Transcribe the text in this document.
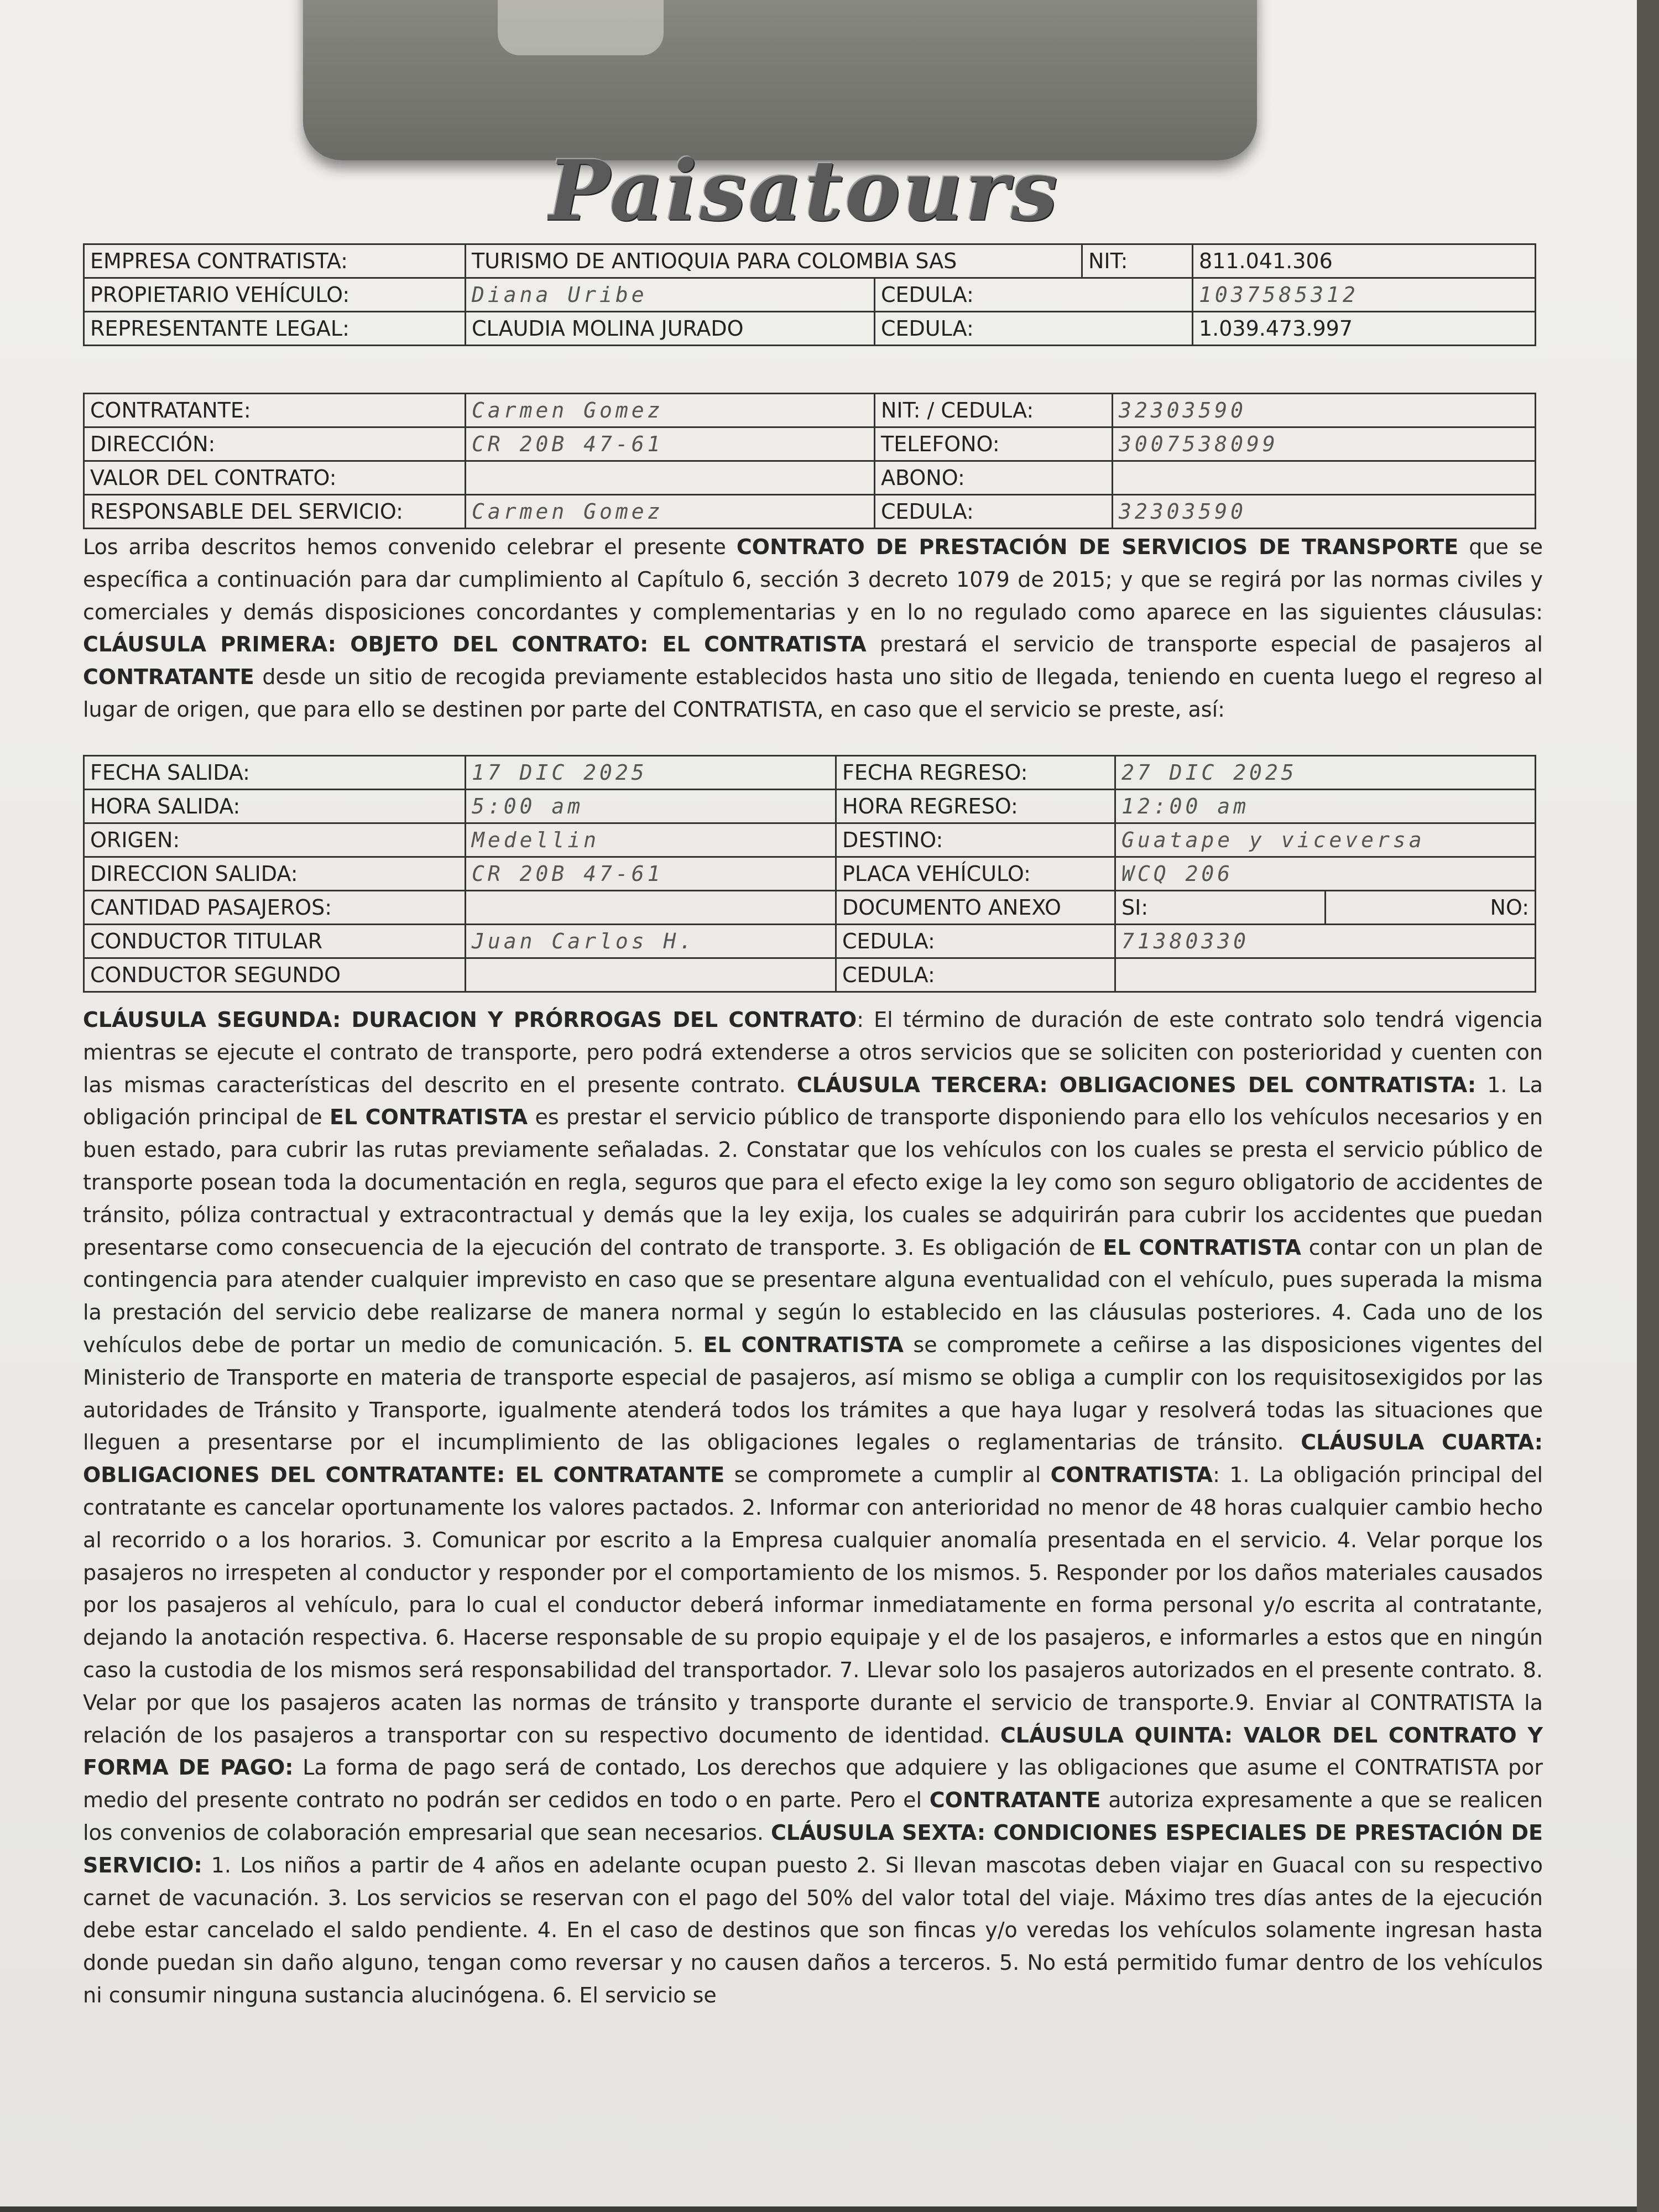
Paisatours
EMPRESA CONTRATISTA:	TURISMO DE ANTIOQUIA PARA COLOMBIA SAS		NIT:	811.041.306
PROPIETARIO VEHÍCULO:	Diana Uribe	CEDULA:		1037585312
REPRESENTANTE LEGAL:	CLAUDIA MOLINA JURADO	CEDULA:		1.039.473.997
CONTRATANTE:	Carmen Gomez	NIT: / CEDULA:	32303590
DIRECCIÓN:	CR 20B 47-61	TELEFONO:	3007538099
VALOR DEL CONTRATO:		ABONO:	
RESPONSABLE DEL SERVICIO:	Carmen Gomez	CEDULA:	32303590
Los arriba descritos hemos convenido celebrar el presente CONTRATO DE PRESTACIÓN DE SERVICIOS DE TRANSPORTE que se específica a continuación para dar cumplimiento al Capítulo 6, sección 3 decreto 1079 de 2015; y que se regirá por las normas civiles y comerciales y demás disposiciones concordantes y complementarias y en lo no regulado como aparece en las siguientes cláusulas: CLÁUSULA PRIMERA: OBJETO DEL CONTRATO: EL CONTRATISTA prestará el servicio de transporte especial de pasajeros al CONTRATANTE desde un sitio de recogida previamente establecidos hasta uno sitio de llegada, teniendo en cuenta luego el regreso al lugar de origen, que para ello se destinen por parte del CONTRATISTA, en caso que el servicio se preste, así:
FECHA SALIDA:	17 DIC 2025	FECHA REGRESO:	27 DIC 2025	
HORA SALIDA:	5:00 am	HORA REGRESO:	12:00 am	
ORIGEN:	Medellin	DESTINO:	Guatape y viceversa	
DIRECCION SALIDA:	CR 20B 47-61	PLACA VEHÍCULO:	WCQ 206	
CANTIDAD PASAJEROS:		DOCUMENTO ANEXO	SI:	NO:
CONDUCTOR TITULAR	Juan Carlos H.	CEDULA:	71380330	
CONDUCTOR SEGUNDO		CEDULA:		
CLÁUSULA SEGUNDA: DURACION Y PRÓRROGAS DEL CONTRATO: El término de duración de este contrato solo tendrá vigencia mientras se ejecute el contrato de transporte, pero podrá extenderse a otros servicios que se soliciten con posterioridad y cuenten con las mismas características del descrito en el presente contrato. CLÁUSULA TERCERA: OBLIGACIONES DEL CONTRATISTA: 1. La obligación principal de EL CONTRATISTA es prestar el servicio público de transporte disponiendo para ello los vehículos necesarios y en buen estado, para cubrir las rutas previamente señaladas. 2. Constatar que los vehículos con los cuales se presta el servicio público de transporte posean toda la documentación en regla, seguros que para el efecto exige la ley como son seguro obligatorio de accidentes de tránsito, póliza contractual y extracontractual y demás que la ley exija, los cuales se adquirirán para cubrir los accidentes que puedan presentarse como consecuencia de la ejecución del contrato de transporte. 3. Es obligación de EL CONTRATISTA contar con un plan de contingencia para atender cualquier imprevisto en caso que se presentare alguna eventualidad con el vehículo, pues superada la misma la prestación del servicio debe realizarse de manera normal y según lo establecido en las cláusulas posteriores. 4. Cada uno de los vehículos debe de portar un medio de comunicación. 5. EL CONTRATISTA se compromete a ceñirse a las disposiciones vigentes del Ministerio de Transporte en materia de transporte especial de pasajeros, así mismo se obliga a cumplir con los requisitosexigidos por las autoridades de Tránsito y Transporte, igualmente atenderá todos los trámites a que haya lugar y resolverá todas las situaciones que lleguen a presentarse por el incumplimiento de las obligaciones legales o reglamentarias de tránsito. CLÁUSULA CUARTA: OBLIGACIONES DEL CONTRATANTE: EL CONTRATANTE se compromete a cumplir al CONTRATISTA: 1. La obligación principal del contratante es cancelar oportunamente los valores pactados. 2. Informar con anterioridad no menor de 48 horas cualquier cambio hecho al recorrido o a los horarios. 3. Comunicar por escrito a la Empresa cualquier anomalía presentada en el servicio. 4. Velar porque los pasajeros no irrespeten al conductor y responder por el comportamiento de los mismos. 5. Responder por los daños materiales causados por los pasajeros al vehículo, para lo cual el conductor deberá informar inmediatamente en forma personal y/o escrita al contratante, dejando la anotación respectiva. 6. Hacerse responsable de su propio equipaje y el de los pasajeros, e informarles a estos que en ningún caso la custodia de los mismos será responsabilidad del transportador. 7. Llevar solo los pasajeros autorizados en el presente contrato. 8. Velar por que los pasajeros acaten las normas de tránsito y transporte durante el servicio de transporte.9. Enviar al CONTRATISTA la relación de los pasajeros a transportar con su respectivo documento de identidad. CLÁUSULA QUINTA: VALOR DEL CONTRATO Y FORMA DE PAGO: La forma de pago será de contado, Los derechos que adquiere y las obligaciones que asume el CONTRATISTA por medio del presente contrato no podrán ser cedidos en todo o en parte. Pero el CONTRATANTE autoriza expresamente a que se realicen los convenios de colaboración empresarial que sean necesarios. CLÁUSULA SEXTA: CONDICIONES ESPECIALES DE PRESTACIÓN DE SERVICIO: 1. Los niños a partir de 4 años en adelante ocupan puesto 2. Si llevan mascotas deben viajar en Guacal con su respectivo carnet de vacunación. 3. Los servicios se reservan con el pago del 50% del valor total del viaje. Máximo tres días antes de la ejecución debe estar cancelado el saldo pendiente. 4. En el caso de destinos que son fincas y/o veredas los vehículos solamente ingresan hasta donde puedan sin daño alguno, tengan como reversar y no causen daños a terceros. 5. No está permitido fumar dentro de los vehículos ni consumir ninguna sustancia alucinógena. 6. El servicio se
